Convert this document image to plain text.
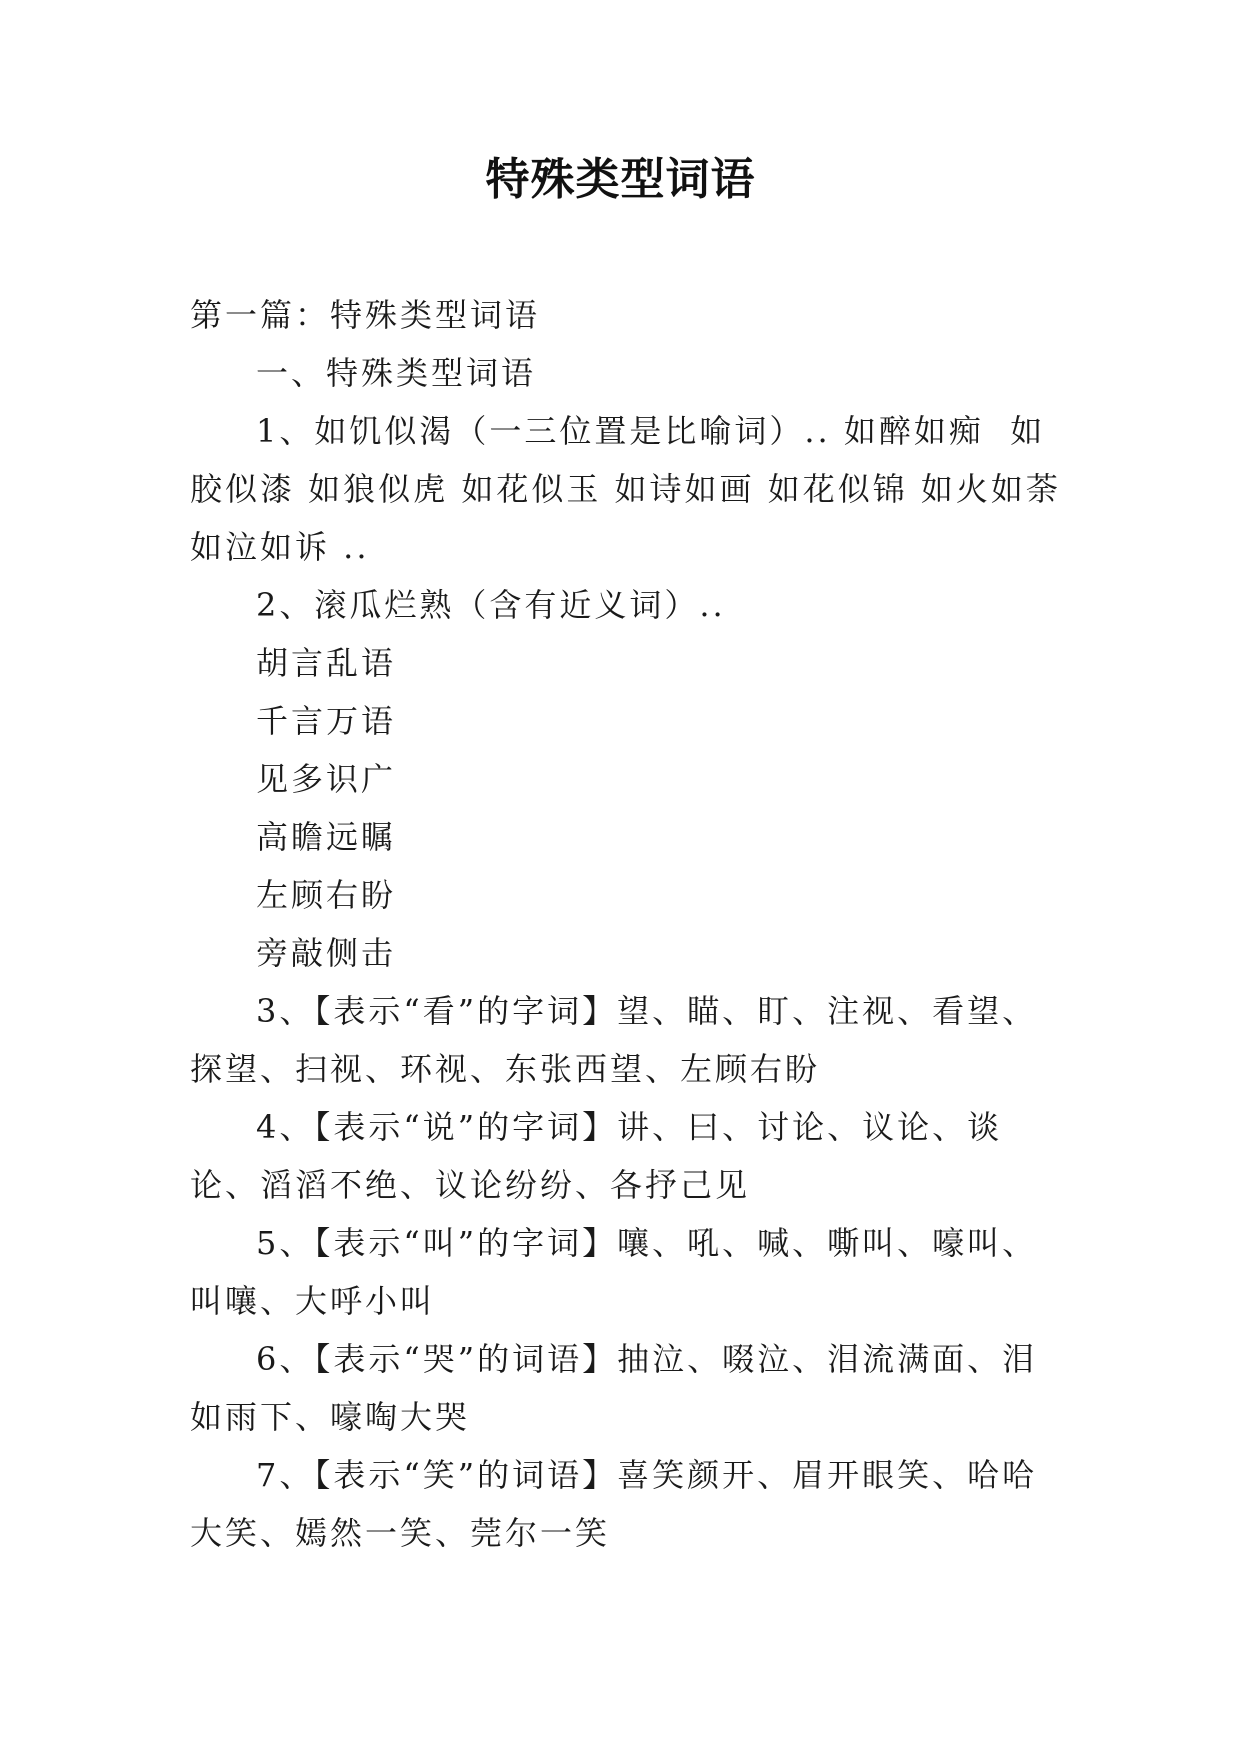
特殊类型词语

第一篇：特殊类型词语

一、特殊类型词语

1、如饥似渴（一三位置是比喻词）.. 如醉如痴  如胶似漆 如狼似虎 如花似玉 如诗如画 如花似锦 如火如荼 如泣如诉 ..

2、滚瓜烂熟（含有近义词）..

胡言乱语

千言万语

见多识广

高瞻远瞩

左顾右盼

旁敲侧击

3、【表示“看”的字词】望、瞄、盯、注视、看望、探望、扫视、环视、东张西望、左顾右盼

4、【表示“说”的字词】讲、曰、讨论、议论、谈论、滔滔不绝、议论纷纷、各抒己见

5、【表示“叫”的字词】嚷、吼、喊、嘶叫、嚎叫、叫嚷、大呼小叫

6、【表示“哭”的词语】抽泣、啜泣、泪流满面、泪如雨下、嚎啕大哭

7、【表示“笑”的词语】喜笑颜开、眉开眼笑、哈哈大笑、嫣然一笑、莞尔一笑
